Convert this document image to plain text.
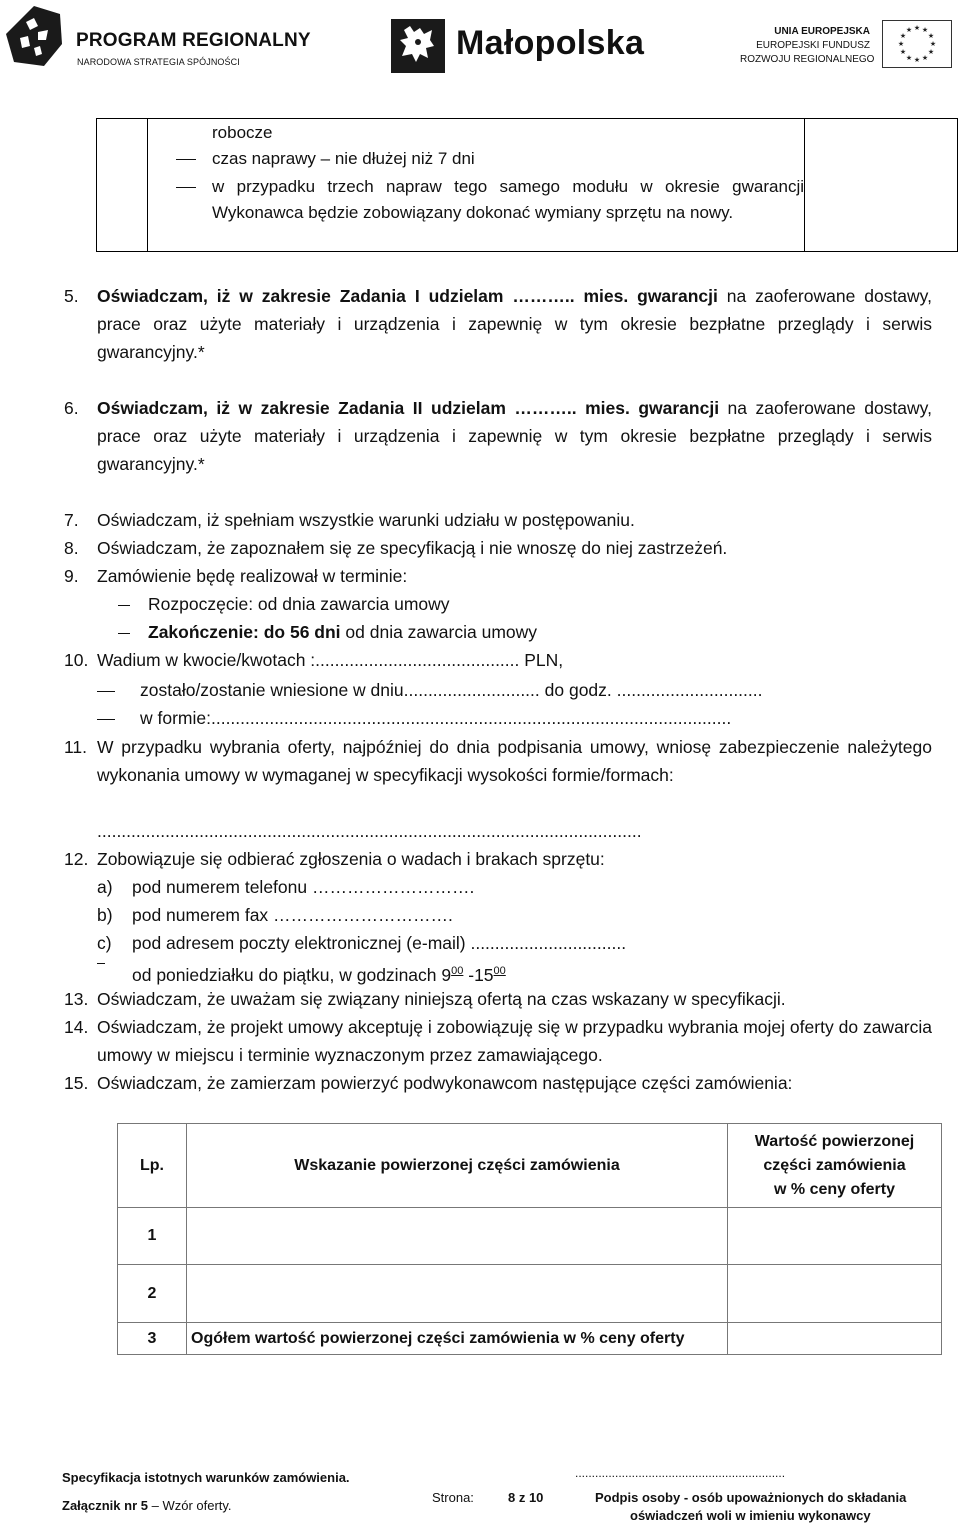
PROGRAM REGIONALNY
NARODOWA STRATEGIA SPÓJNOŚCI	Małopolska	UNIA EUROPEJSKA
EUROPEJSKI FUNDUSZ
ROZWOJU REGIONALNEGO
★ ★
★
★
★
★
★
★
★
★
★
★
robocze
czas naprawy – nie dłużej niż 7 dni
w przypadku trzech napraw tego samego modułu w okresie gwarancji Wykonawca będzie zobowiązany dokonać wymiany sprzętu na nowy.
5. Oświadczam, iż w zakresie Zadania I udzielam ……….. mies. gwarancji na zaoferowane dostawy, prace oraz użyte materiały i urządzenia i zapewnię w tym okresie bezpłatne przeglądy i serwis gwarancyjny.*
6. Oświadczam, iż w zakresie Zadania II udzielam ……….. mies. gwarancji na zaoferowane dostawy, prace oraz użyte materiały i urządzenia i zapewnię w tym okresie bezpłatne przeglądy i serwis gwarancyjny.*
7. Oświadczam, iż spełniam wszystkie warunki udziału w postępowaniu.
8. Oświadczam, że zapoznałem się ze specyfikacją i nie wnoszę do niej zastrzeżeń.
9. Zamówienie będę realizował w terminie:
Rozpoczęcie: od dnia zawarcia umowy
Zakończenie: do 56 dni od dnia zawarcia umowy
10. Wadium w kwocie/kwotach :.......................................... PLN,
zostało/zostanie wniesione w dniu............................ do godz. ..............................
w formie:...........................................................................................................
11. W przypadku wybrania oferty, najpóźniej do dnia podpisania umowy, wniosę zabezpieczenie należytego wykonania umowy w wymaganej w specyfikacji wysokości formie/formach:
................................................................................................................
12. Zobowiązuje się odbierać zgłoszenia o wadach i brakach sprzętu:
a) pod numerem telefonu ……………………….
b) pod numerem fax ………………………….
c) pod adresem poczty elektronicznej (e-mail) ................................
od poniedziałku do piątku, w godzinach $9^{00}$ $-15^{00}$
13. Oświadczam, że uważam się związany niniejszą ofertą na czas wskazany w specyfikacji.
14. Oświadczam, że projekt umowy akceptuję i zobowiązuję się w przypadku wybrania mojej oferty do zawarcia umowy w miejscu i terminie wyznaczonym przez zamawiającego.
15. Oświadczam, że zamierzam powierzyć podwykonawcom następujące części zamówienia:
Lp.	Wskazanie powierzonej części zamówienia	Wartość powierzonej
części zamówienia
w % ceny oferty

1		
2		
3	Ogółem wartość powierzonej części zamówienia w % ceny oferty	
Specyfikacja istotnych warunków zamówienia.
Załącznik nr 5 – Wzór oferty.
Strona:	8 z 10
...............................................................
Podpis osoby - osób upoważnionych do składania
oświadczeń woli w imieniu wykonawcy
